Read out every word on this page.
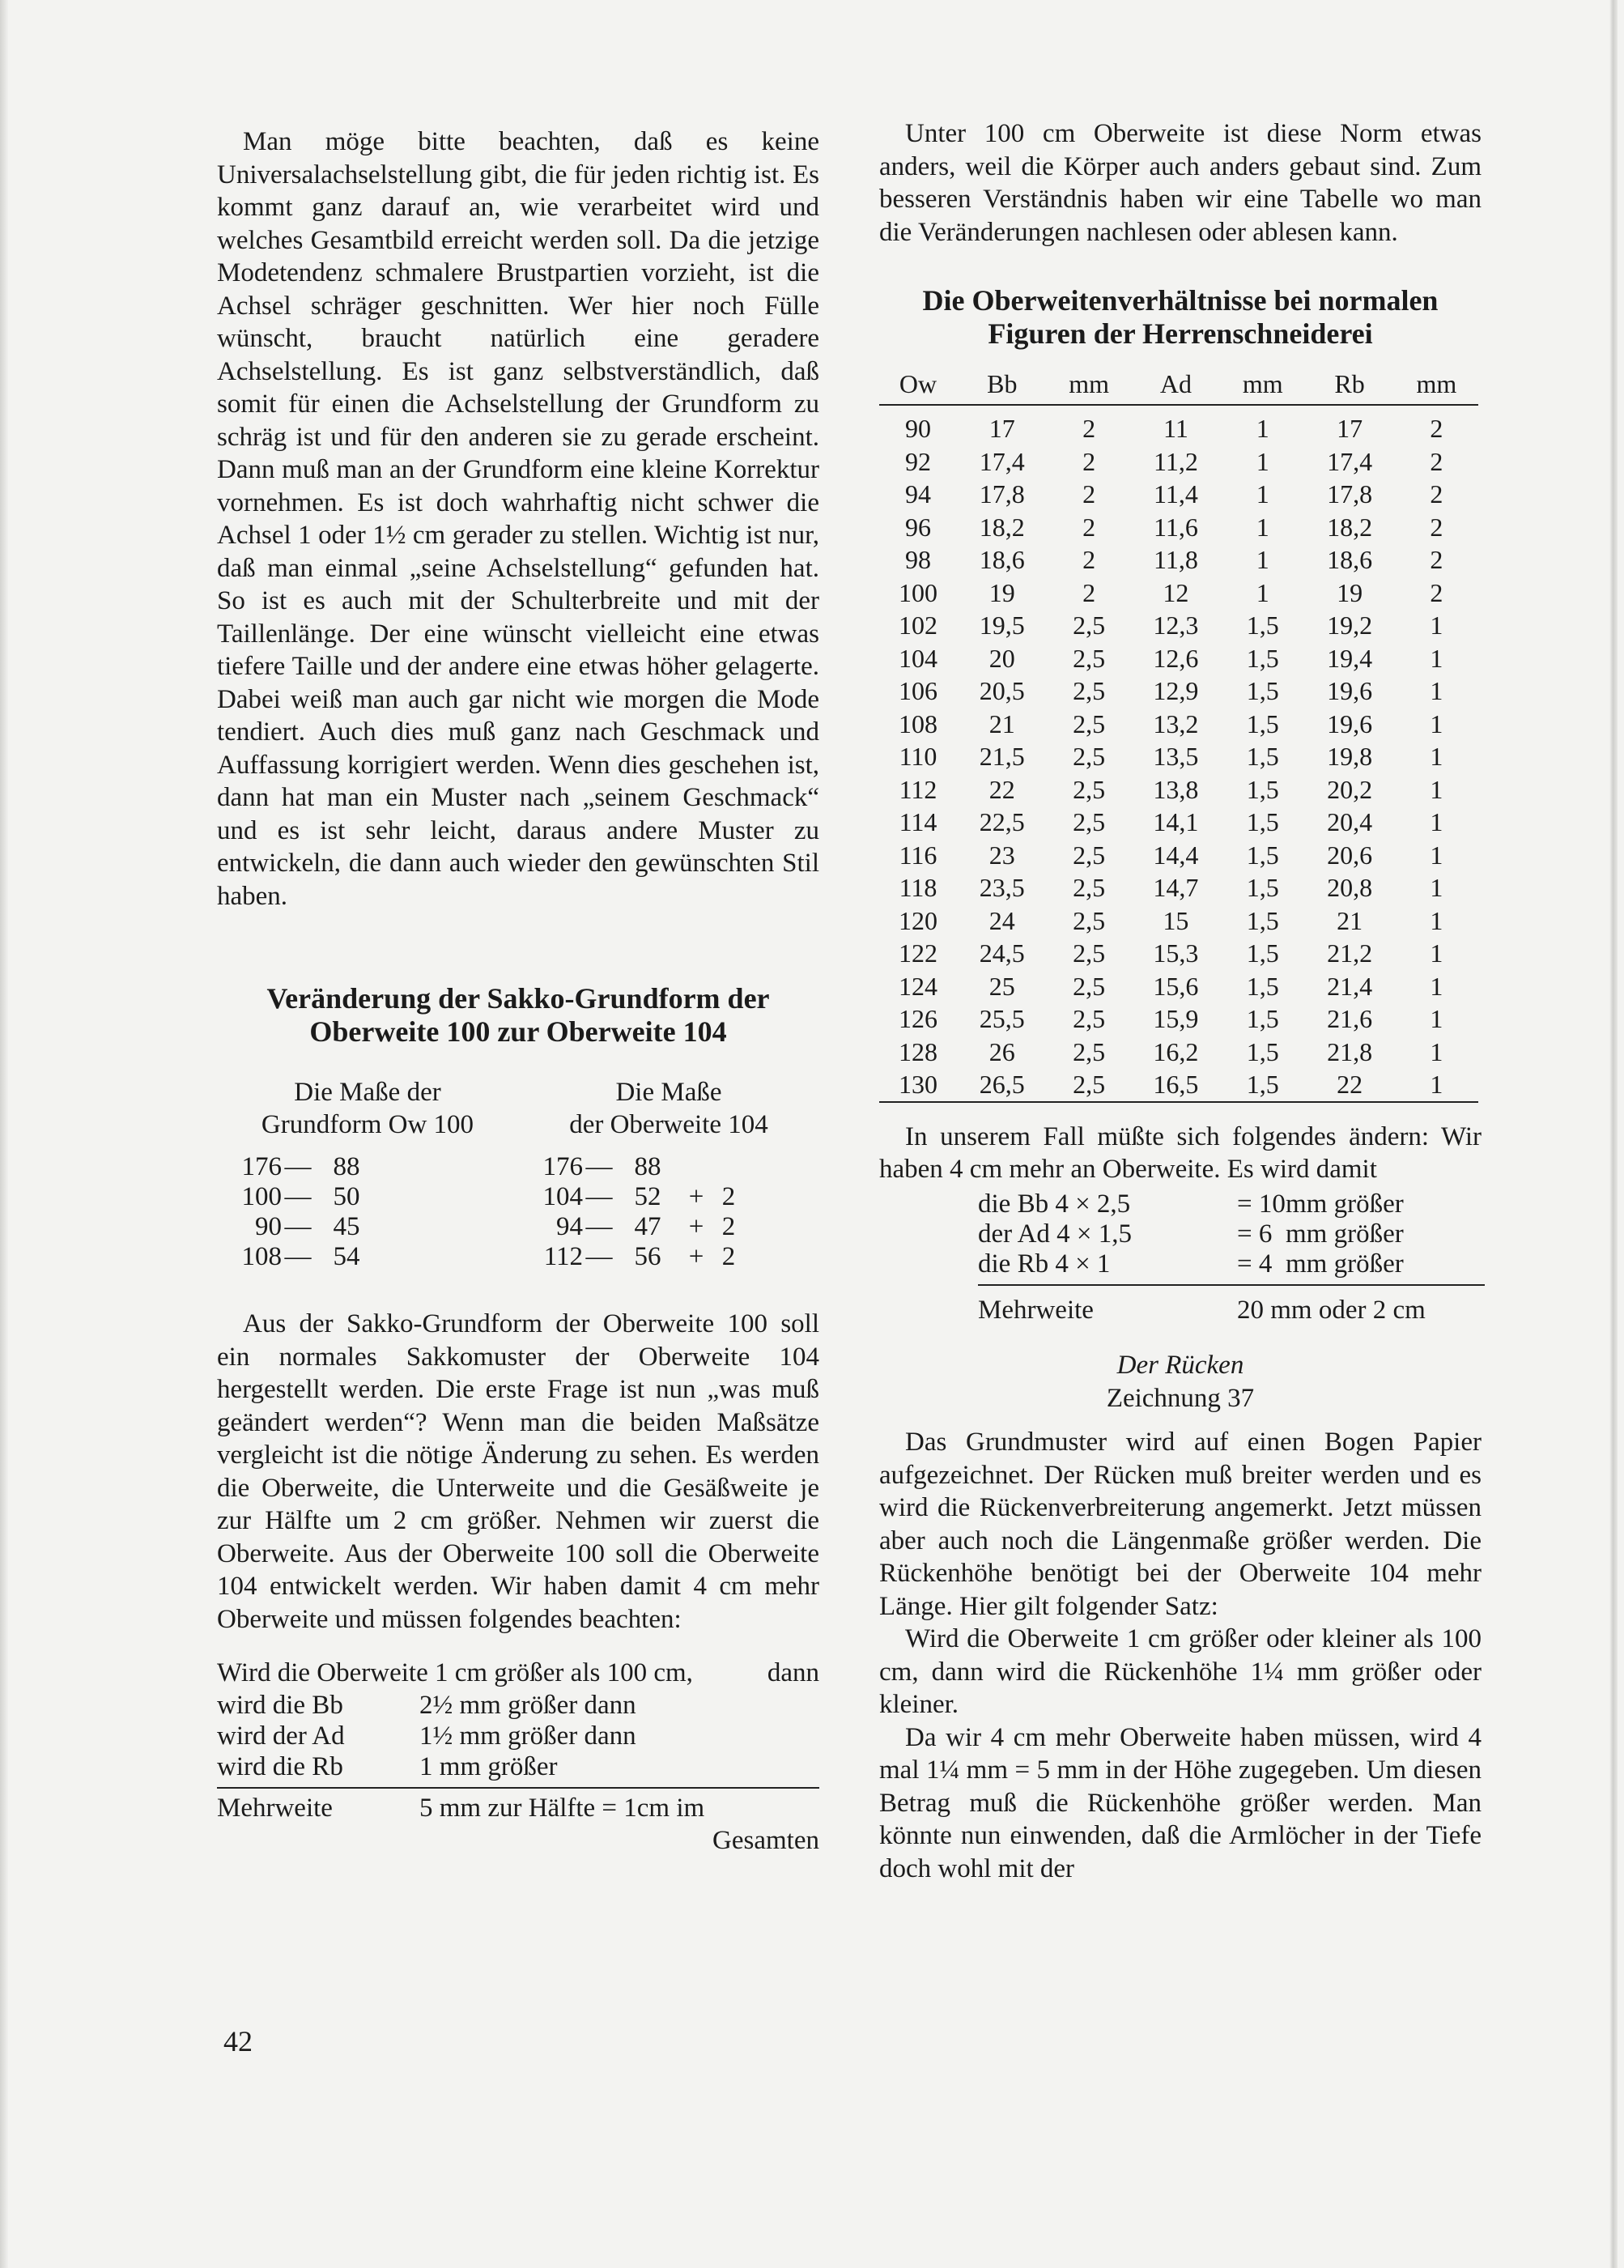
Man möge bitte beachten, daß es keine Universalachselstellung gibt, die für jeden richtig ist. Es kommt ganz darauf an, wie verarbeitet wird und welches Gesamtbild erreicht werden soll. Da die jetzige Modetendenz schmalere Brustpartien vorzieht, ist die Achsel schräger geschnitten. Wer hier noch Fülle wünscht, braucht natürlich eine geradere Achselstellung. Es ist ganz selbstverständlich, daß somit für einen die Achselstellung der Grundform zu schräg ist und für den anderen sie zu gerade erscheint. Dann muß man an der Grundform eine kleine Korrektur vornehmen. Es ist doch wahrhaftig nicht schwer die Achsel 1 oder 1½ cm gerader zu stellen. Wichtig ist nur, daß man einmal „seine Achselstellung“ gefunden hat. So ist es auch mit der Schulterbreite und mit der Taillenlänge. Der eine wünscht vielleicht eine etwas tiefere Taille und der andere eine etwas höher gelagerte. Dabei weiß man auch gar nicht wie morgen die Mode tendiert. Auch dies muß ganz nach Geschmack und Auffassung korrigiert werden. Wenn dies geschehen ist, dann hat man ein Muster nach „seinem Geschmack“ und es ist sehr leicht, daraus andere Muster zu entwickeln, die dann auch wieder den gewünschten Stil haben.

Veränderung der Sakko-Grundform der Oberweite 100 zur Oberweite 104
Die Maße der
Grundform Ow 100
176 — 88
100 — 50
90 — 45
108 — 54
Die Maße
der Oberweite 104
176 — 88
104 — 52	+ 2
94 — 47	+ 2
112 — 56	+ 2

Aus der Sakko-Grundform der Oberweite 100 soll ein normales Sakkomuster der Oberweite 104 hergestellt werden. Die erste Frage ist nun „was muß geändert werden“? Wenn man die beiden Maßsätze vergleicht ist die nötige Änderung zu sehen. Es werden die Oberweite, die Unterweite und die Gesäßweite je zur Hälfte um 2 cm größer. Nehmen wir zuerst die Oberweite. Aus der Oberweite 100 soll die Oberweite 104 entwickelt werden. Wir haben damit 4 cm mehr Oberweite und müssen folgendes beachten:

Wird die Oberweite 1 cm größer als 100 cm,	dann
wird die Bb	2½ mm größer dann
wird der Ad	1½ mm größer dann
wird die Rb	1 mm größer
Mehrweite	5 mm zur Hälfte = 1cm im
Gesamten

Unter 100 cm Oberweite ist diese Norm etwas anders, weil die Körper auch anders gebaut sind. Zum besseren Verständnis haben wir eine Tabelle wo man die Veränderungen nachlesen oder ablesen kann.

Die Oberweitenverhältnisse bei normalen Figuren der Herrenschneiderei
Ow	Bb	mm	Ad	mm	Rb	mm
90	17	2	11	1	17	2
92	17,4	2	11,2	1	17,4	2
94	17,8	2	11,4	1	17,8	2
96	18,2	2	11,6	1	18,2	2
98	18,6	2	11,8	1	18,6	2
100	19	2	12	1	19	2
102	19,5	2,5	12,3	1,5	19,2	1
104	20	2,5	12,6	1,5	19,4	1
106	20,5	2,5	12,9	1,5	19,6	1
108	21	2,5	13,2	1,5	19,6	1
110	21,5	2,5	13,5	1,5	19,8	1
112	22	2,5	13,8	1,5	20,2	1
114	22,5	2,5	14,1	1,5	20,4	1
116	23	2,5	14,4	1,5	20,6	1
118	23,5	2,5	14,7	1,5	20,8	1
120	24	2,5	15	1,5	21	1
122	24,5	2,5	15,3	1,5	21,2	1
124	25	2,5	15,6	1,5	21,4	1
126	25,5	2,5	15,9	1,5	21,6	1
128	26	2,5	16,2	1,5	21,8	1
130	26,5	2,5	16,5	1,5	22	1

In unserem Fall müßte sich folgendes ändern: Wir haben 4 cm mehr an Oberweite. Es wird damit

die Bb 4 × 2,5	= 10 mm größer
der Ad 4 × 1,5	= 6 mm größer
die Rb 4 × 1	= 4 mm größer
Mehrweite	20 mm oder 2 cm
Der Rücken
Zeichnung 37

Das Grundmuster wird auf einen Bogen Papier aufgezeichnet. Der Rücken muß breiter werden und es wird die Rückenverbreiterung angemerkt. Jetzt müssen aber auch noch die Längenmaße größer werden. Die Rückenhöhe benötigt bei der Oberweite 104 mehr Länge. Hier gilt folgender Satz:

Wird die Oberweite 1 cm größer oder kleiner als 100 cm, dann wird die Rückenhöhe 1¼ mm größer oder kleiner.

Da wir 4 cm mehr Oberweite haben müssen, wird 4 mal 1¼ mm = 5 mm in der Höhe zugegeben. Um diesen Betrag muß die Rückenhöhe größer werden. Man könnte nun einwenden, daß die Armlöcher in der Tiefe doch wohl mit der

42
